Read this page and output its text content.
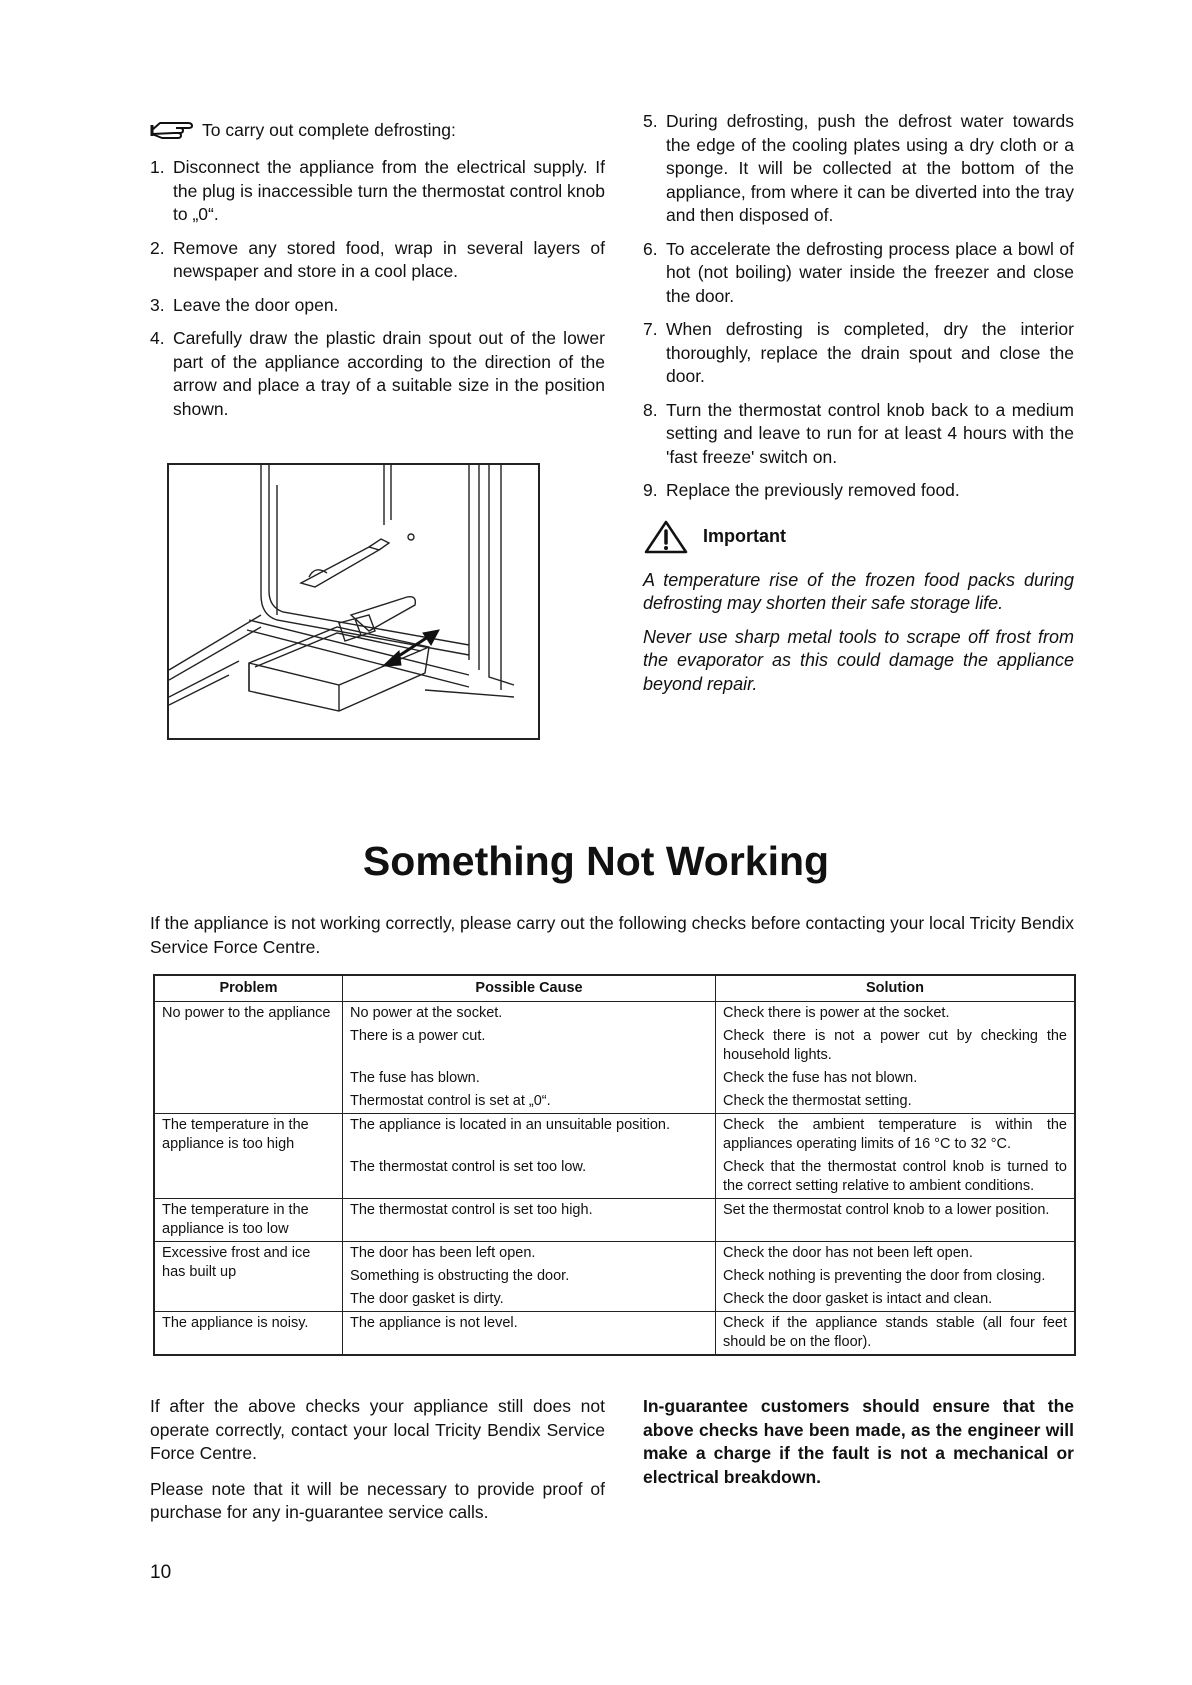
To carry out complete defrosting:
1. Disconnect the appliance from the electrical supply. If the plug is inaccessible turn the thermostat control knob to „0“.
2. Remove any stored food, wrap in several layers of newspaper and store in a cool place.
3. Leave the door open.
4. Carefully draw the plastic drain spout out of the lower part of the appliance according to the direction of the arrow and place a tray of a suitable size in the position shown.
5. During defrosting, push the defrost water towards the edge of the cooling plates using a dry cloth or a sponge. It will be collected at the bottom of the appliance, from where it can be diverted into the tray and then disposed of.
6. To accelerate the defrosting process place a bowl of hot (not boiling) water inside the freezer and close the door.
7. When defrosting is completed, dry the interior thoroughly, replace the drain spout and close the door.
8. Turn the thermostat control knob back to a medium setting and leave to run for at least 4 hours with the 'fast freeze' switch on.
9. Replace the previously removed food.
Important

A temperature rise of the frozen food packs during defrosting may shorten their safe storage life.

Never use sharp metal tools to scrape off frost from the evaporator as this could damage the appliance beyond repair.

Something Not Working

If the appliance is not working correctly, please carry out the following checks before contacting your local Tricity Bendix Service Force Centre.

Problem	Possible Cause	Solution
No power to the appliance	No power at the socket.	Check there is power at the socket.
	There is a power cut.	Check there is not a power cut by checking the household lights.
	The fuse has blown.	Check the fuse has not blown.
	Thermostat control is set at „0“.	Check the thermostat setting.
The temperature in the appliance is too high	The appliance is located in an unsuitable position.	Check the ambient temperature is within the appliances operating limits of 16 °C to 32 °C.
	The thermostat control is set too low.	Check that the thermostat control knob is turned to the correct setting relative to ambient conditions.
The temperature in the appliance is too low	The thermostat control is set too high.	Set the thermostat control knob to a lower position.
Excessive frost and ice has built up	The door has been left open.	Check the door has not been left open.
	Something is obstructing the door.	Check nothing is preventing the door from closing.
	The door gasket is dirty.	Check the door gasket is intact and clean.
The appliance is noisy.	The appliance is not level.	Check if the appliance stands stable (all four feet should be on the floor).

If after the above checks your appliance still does not operate correctly, contact your local Tricity Bendix Service Force Centre.

Please note that it will be necessary to provide proof of purchase for any in-guarantee service calls.

In-guarantee customers should ensure that the above checks have been made, as the engineer will make a charge if the fault is not a mechanical or electrical breakdown.

10
